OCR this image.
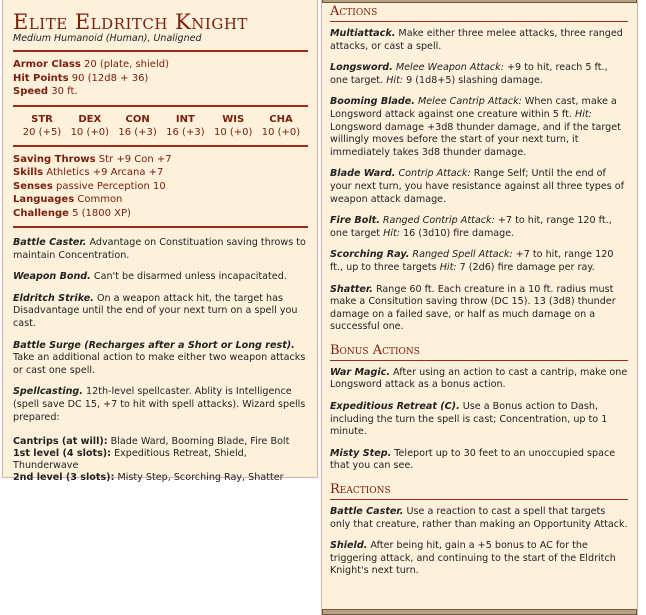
Elite Eldritch Knight
Medium Humanoid (Human), Unaligned
Armor Class 20 (plate, shield)
Hit Points 90 (12d8 + 36)
Speed 30 ft.
STR
20 (+5)
DEX
10 (+0)
CON
16 (+3)
INT
16 (+3)
WIS
10 (+0)
CHA
10 (+0)
Saving Throws Str +9 Con +7
Skills Athletics +9 Arcana +7
Senses passive Perception 10
Languages Common
Challenge 5 (1800 XP)
Battle Caster. Advantage on Constituation saving throws to maintain Concentration.
Weapon Bond. Can't be disarmed unless incapacitated.
Eldritch Strike. On a weapon attack hit, the target has Disadvantage until the end of your next turn on a spell you cast.
Battle Surge (Recharges after a Short or Long rest). Take an additional action to make either two weapon attacks or cast one spell.
Spellcasting. 12th-level spellcaster. Ablity is Intelligence (spell save DC 15, +7 to hit with spell attacks). Wizard spells prepared:
Cantrips (at will): Blade Ward, Booming Blade, Fire Bolt
1st level (4 slots): Expeditious Retreat, Shield, Thunderwave
2nd level (3 slots): Misty Step, Scorching Ray, Shatter
Actions
Multiattack. Make either three melee attacks, three ranged attacks, or cast a spell.
Longsword. Melee Weapon Attack: +9 to hit, reach 5 ft., one target. Hit: 9 (1d8+5) slashing damage.
Booming Blade. Melee Cantrip Attack: When cast, make a Longsword attack against one creature within 5 ft. Hit: Longsword damage +3d8 thunder damage, and if the target willingly moves before the start of your next turn, it immediately takes 3d8 thunder damage.
Blade Ward. Contrip Attack: Range Self; Until the end of your next turn, you have resistance against all three types of weapon attack damage.
Fire Bolt. Ranged Contrip Attack: +7 to hit, range 120 ft., one target Hit: 16 (3d10) fire damage.
Scorching Ray. Ranged Spell Attack: +7 to hit, range 120 ft., up to three targets Hit: 7 (2d6) fire damage per ray.
Shatter. Range 60 ft. Each creature in a 10 ft. radius must make a Consitution saving throw (DC 15). 13 (3d8) thunder damage on a failed save, or half as much damage on a successful one.
Bonus Actions
War Magic. After using an action to cast a cantrip, make one Longsword attack as a bonus action.
Expeditious Retreat (C). Use a Bonus action to Dash, including the turn the spell is cast; Concentration, up to 1 minute.
Misty Step. Teleport up to 30 feet to an unoccupied space that you can see.
Reactions
Battle Caster. Use a reaction to cast a spell that targets only that creature, rather than making an Opportunity Attack.
Shield. After being hit, gain a +5 bonus to AC for the triggering attack, and continuing to the start of the Eldritch Knight's next turn.
